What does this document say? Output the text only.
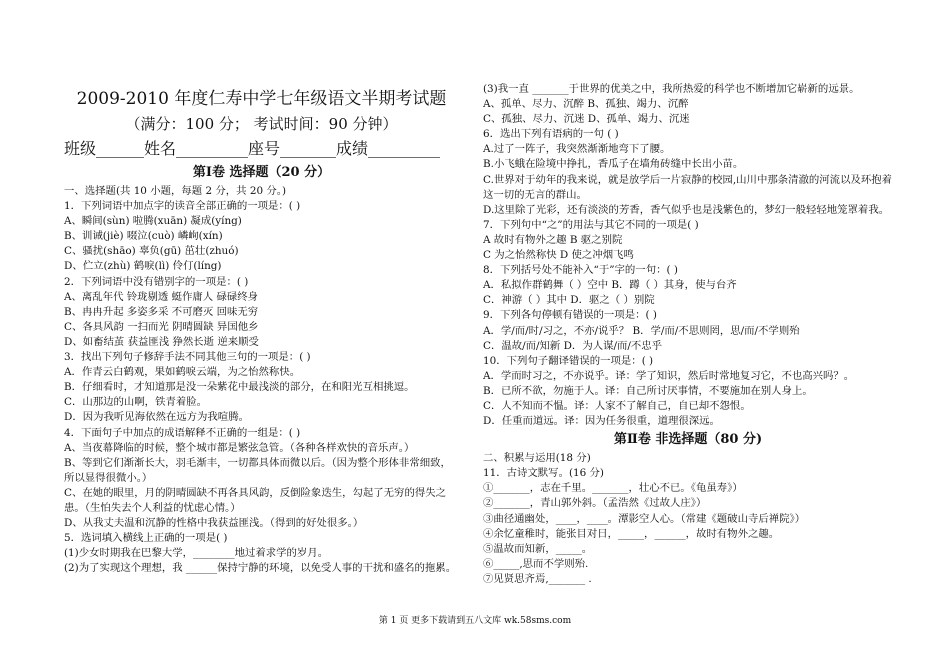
2009-2010 年度仁寿中学七年级语文半期考试题
（满分：100 分； 考试时间：90 分钟）
班级______姓名_________座号_______成绩_________
第Ⅰ卷 选择题（20 分）
一、选择题(共 10 小题，每题 2 分，共 20 分。)
1．下列词语中加点字的读音全部正确的一项是：( )
A、瞬间(sùn) 啦腾(xuān) 凝成(yíng)
B、训诫(jiè) 啜泣(cuò) 嶙峋(xín)
C、骚扰(shāo) 辜负(gū) 茁壮(zhuó)
D、伫立(zhù) 鹤唳(lì) 伶仃(líng)
2．下列词语中没有错别字的一项是：( )
A、离乱年代 铃珑剔透 蜓作庸人 碌碌终身
B、冉冉升起 多姿多采 不可磨灭 回味无穷
C、各具风韵 一扫而光 阴晴圆缺 异国他乡
D、如畜结茧 获益匪浅 狰然长逝 逆来顺受
3．找出下列句子修辞手法不同其他三句的一项是：( )
A．作青云白鹤观，果如鹤唳云端，为之怡然称快。
B．仔细看时，才知道那是没一朵紫花中最浅淡的部分，在和阳光互相挑逗。
C．山那边的山啊，铁青着脸。
D．因为我听见海依然在远方为我喧腾。
4．下面句子中加点的成语解释不正确的一组是：( )
A、当夜幕降临的时候，整个城市都是繁弦急管。（各种各样欢快的音乐声。）
B、等到它们渐渐长大，羽毛渐丰，一切都具体而微以后。（因为整个形体非常细致，所以显得很微小。）
C、在她的眼里，月的阴晴圆缺不再各具风韵，反倒险象迭生，勾起了无穷的得失之患。（生怕失去个人利益的忧虑心情。）
D、从我丈夫温和沉静的性格中我获益匪浅。（得到的好处很多。）
5．选词填入横线上正确的一项是( )
(1)少女时期我在巴黎大学，________地过着求学的岁月。
(2)为了实现这个理想，我 ______保持宁静的环境，以免受人事的干扰和盛名的拖累。
(3)我一直 _______于世界的优美之中，我所热爱的科学也不断增加它崭新的远景。
A、孤单、尽力、沉醉 B、孤独、竭力、沉醉
C、孤独、尽力、沉迷 D、孤单、竭力、沉迷
6．选出下列有语病的一句 ( )
A.过了一阵子，我突然渐渐地弯下了腰。
B.小飞蛾在险境中挣扎，香瓜子在墙角砖缝中长出小苗。
C.世界对于幼年的我来说，就是放学后一片寂静的校园,山川中那条清澈的河流以及环抱着这一切的无言的群山。
D.这里除了光彩，还有淡淡的芳香，香气似乎也是浅紫色的，梦幻一般轻轻地笼罩着我。
7．下列句中“之”的用法与其它不同的一项是( )
A 故时有物外之趣 B 驱之别院
C 为之怡然称快 D 使之冲烟飞鸣
8．下列括号处不能补入“于”字的一句：( )
A．私拟作群鹤舞（ ）空中 B．蹲（ ）其身，使与台齐
C．神游（ ）其中 D．驱之（ ）别院
9．下列各句停顿有错误的一项是：( )
A．学/而/时/习之，不亦/说乎？ B．学/而/不思则罔，思/而/不学则殆
C．温故/而/知新 D．为人谋/而/不忠乎
10．下列句子翻译错误的一项是：( )
A．学而时习之，不亦说乎。译：学了知识，然后时常地复习它，不也高兴吗？。
B．已所不欲，勿施于人。译：自己所讨厌事情，不要施加在别人身上。
C．人不知而不愠。译：人家不了解自己，自已却不怨恨。
D．任重而道远。译：因为任务很重，道理很深远。
第Ⅱ卷 非选择题（80 分)
二、积累与运用(18 分)
11．古诗文默写。(16 分)
①_______，志在千里。_______，壮心不已。《龟虽寿》）
②_______，青山郭外斜。（孟浩然《过故人庄》）
③曲径通幽处，____，____。潭影空人心。（常建《题破山寺后禅院》）
④余忆童稚时，能张目对日，_____，______，故时有物外之趣。
⑤温故而知新，_____。
⑥_____,思而不学则殆.
⑦见贤思齐焉,_______ .
第 1 页 更多下载请到五八文库 wk.58sms.com
